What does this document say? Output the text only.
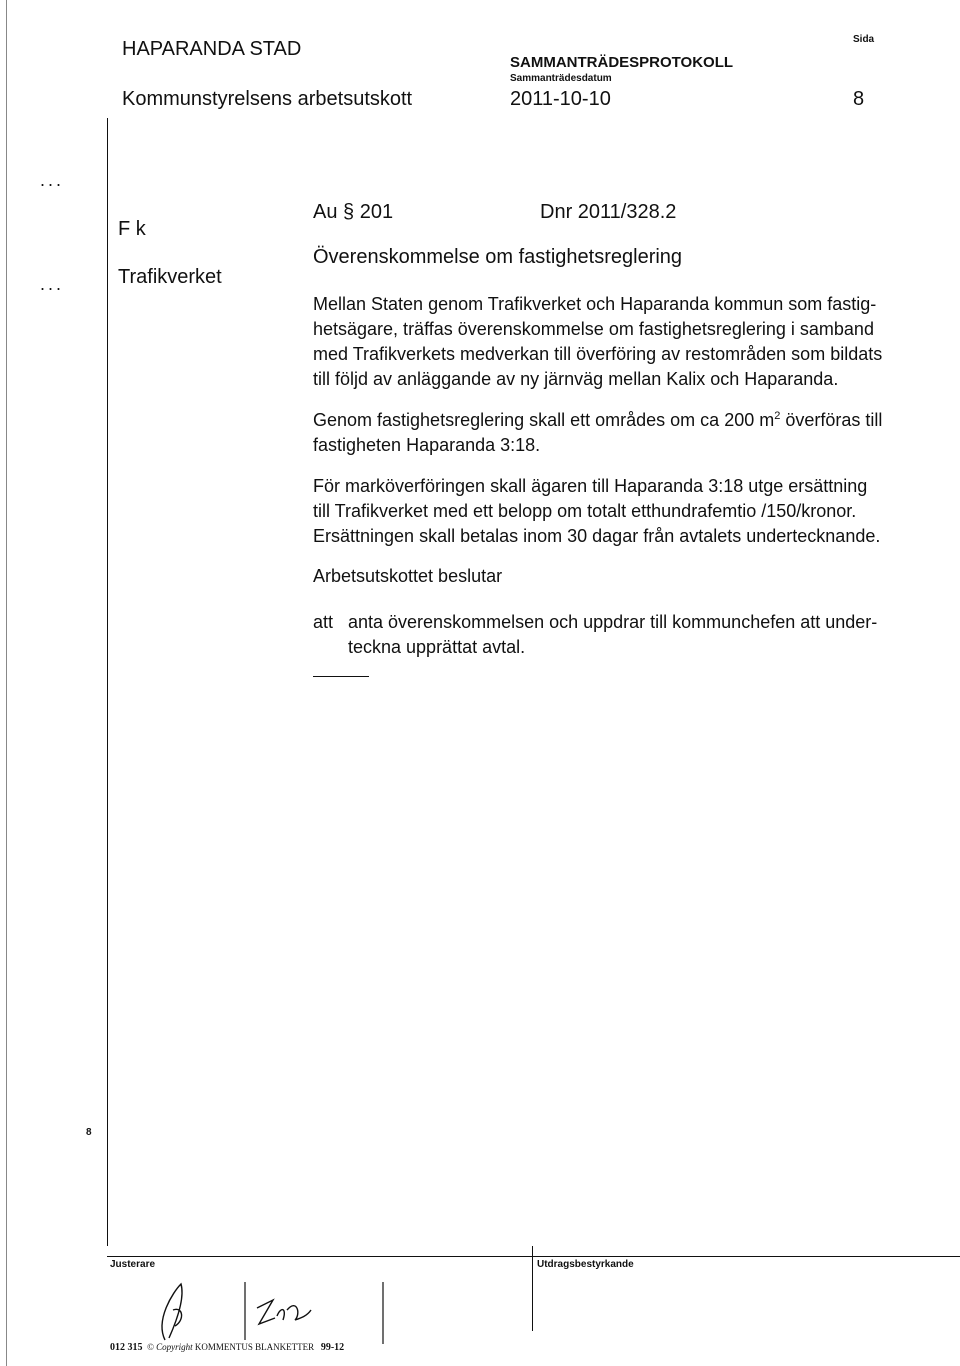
HAPARANDA STAD
Kommunstyrelsens arbetsutskott
SAMMANTRÄDESPROTOKOLL
Sammanträdesdatum
2011-10-10
Sida
8
...
...
F k
Trafikverket
8
Au § 201	Dnr 2011/328.2
Överenskommelse om fastighetsreglering
Mellan Staten genom Trafikverket och Haparanda kommun som fastig-
hetsägare, träffas överenskommelse om fastighetsreglering i samband
med Trafikverkets medverkan till överföring av restområden som bildats
till följd av anläggande av ny järnväg mellan Kalix och Haparanda.
Genom fastighetsreglering skall ett områdes om ca 200 $m^2$ överföras till
fastigheten Haparanda 3:18.
För marköverföringen skall ägaren till Haparanda 3:18 utge ersättning
till Trafikverket med ett belopp om totalt etthundrafemtio /150/kronor.
Ersättningen skall betalas inom 30 dagar från avtalets undertecknande.
Arbetsutskottet beslutar
att anta överenskommelsen och uppdrar till kommunchefen att under-
teckna upprättat avtal.
Justerare	Utdragsbestyrkande
012 315 © Copyright KOMMENTUS BLANKETTER 99-12
